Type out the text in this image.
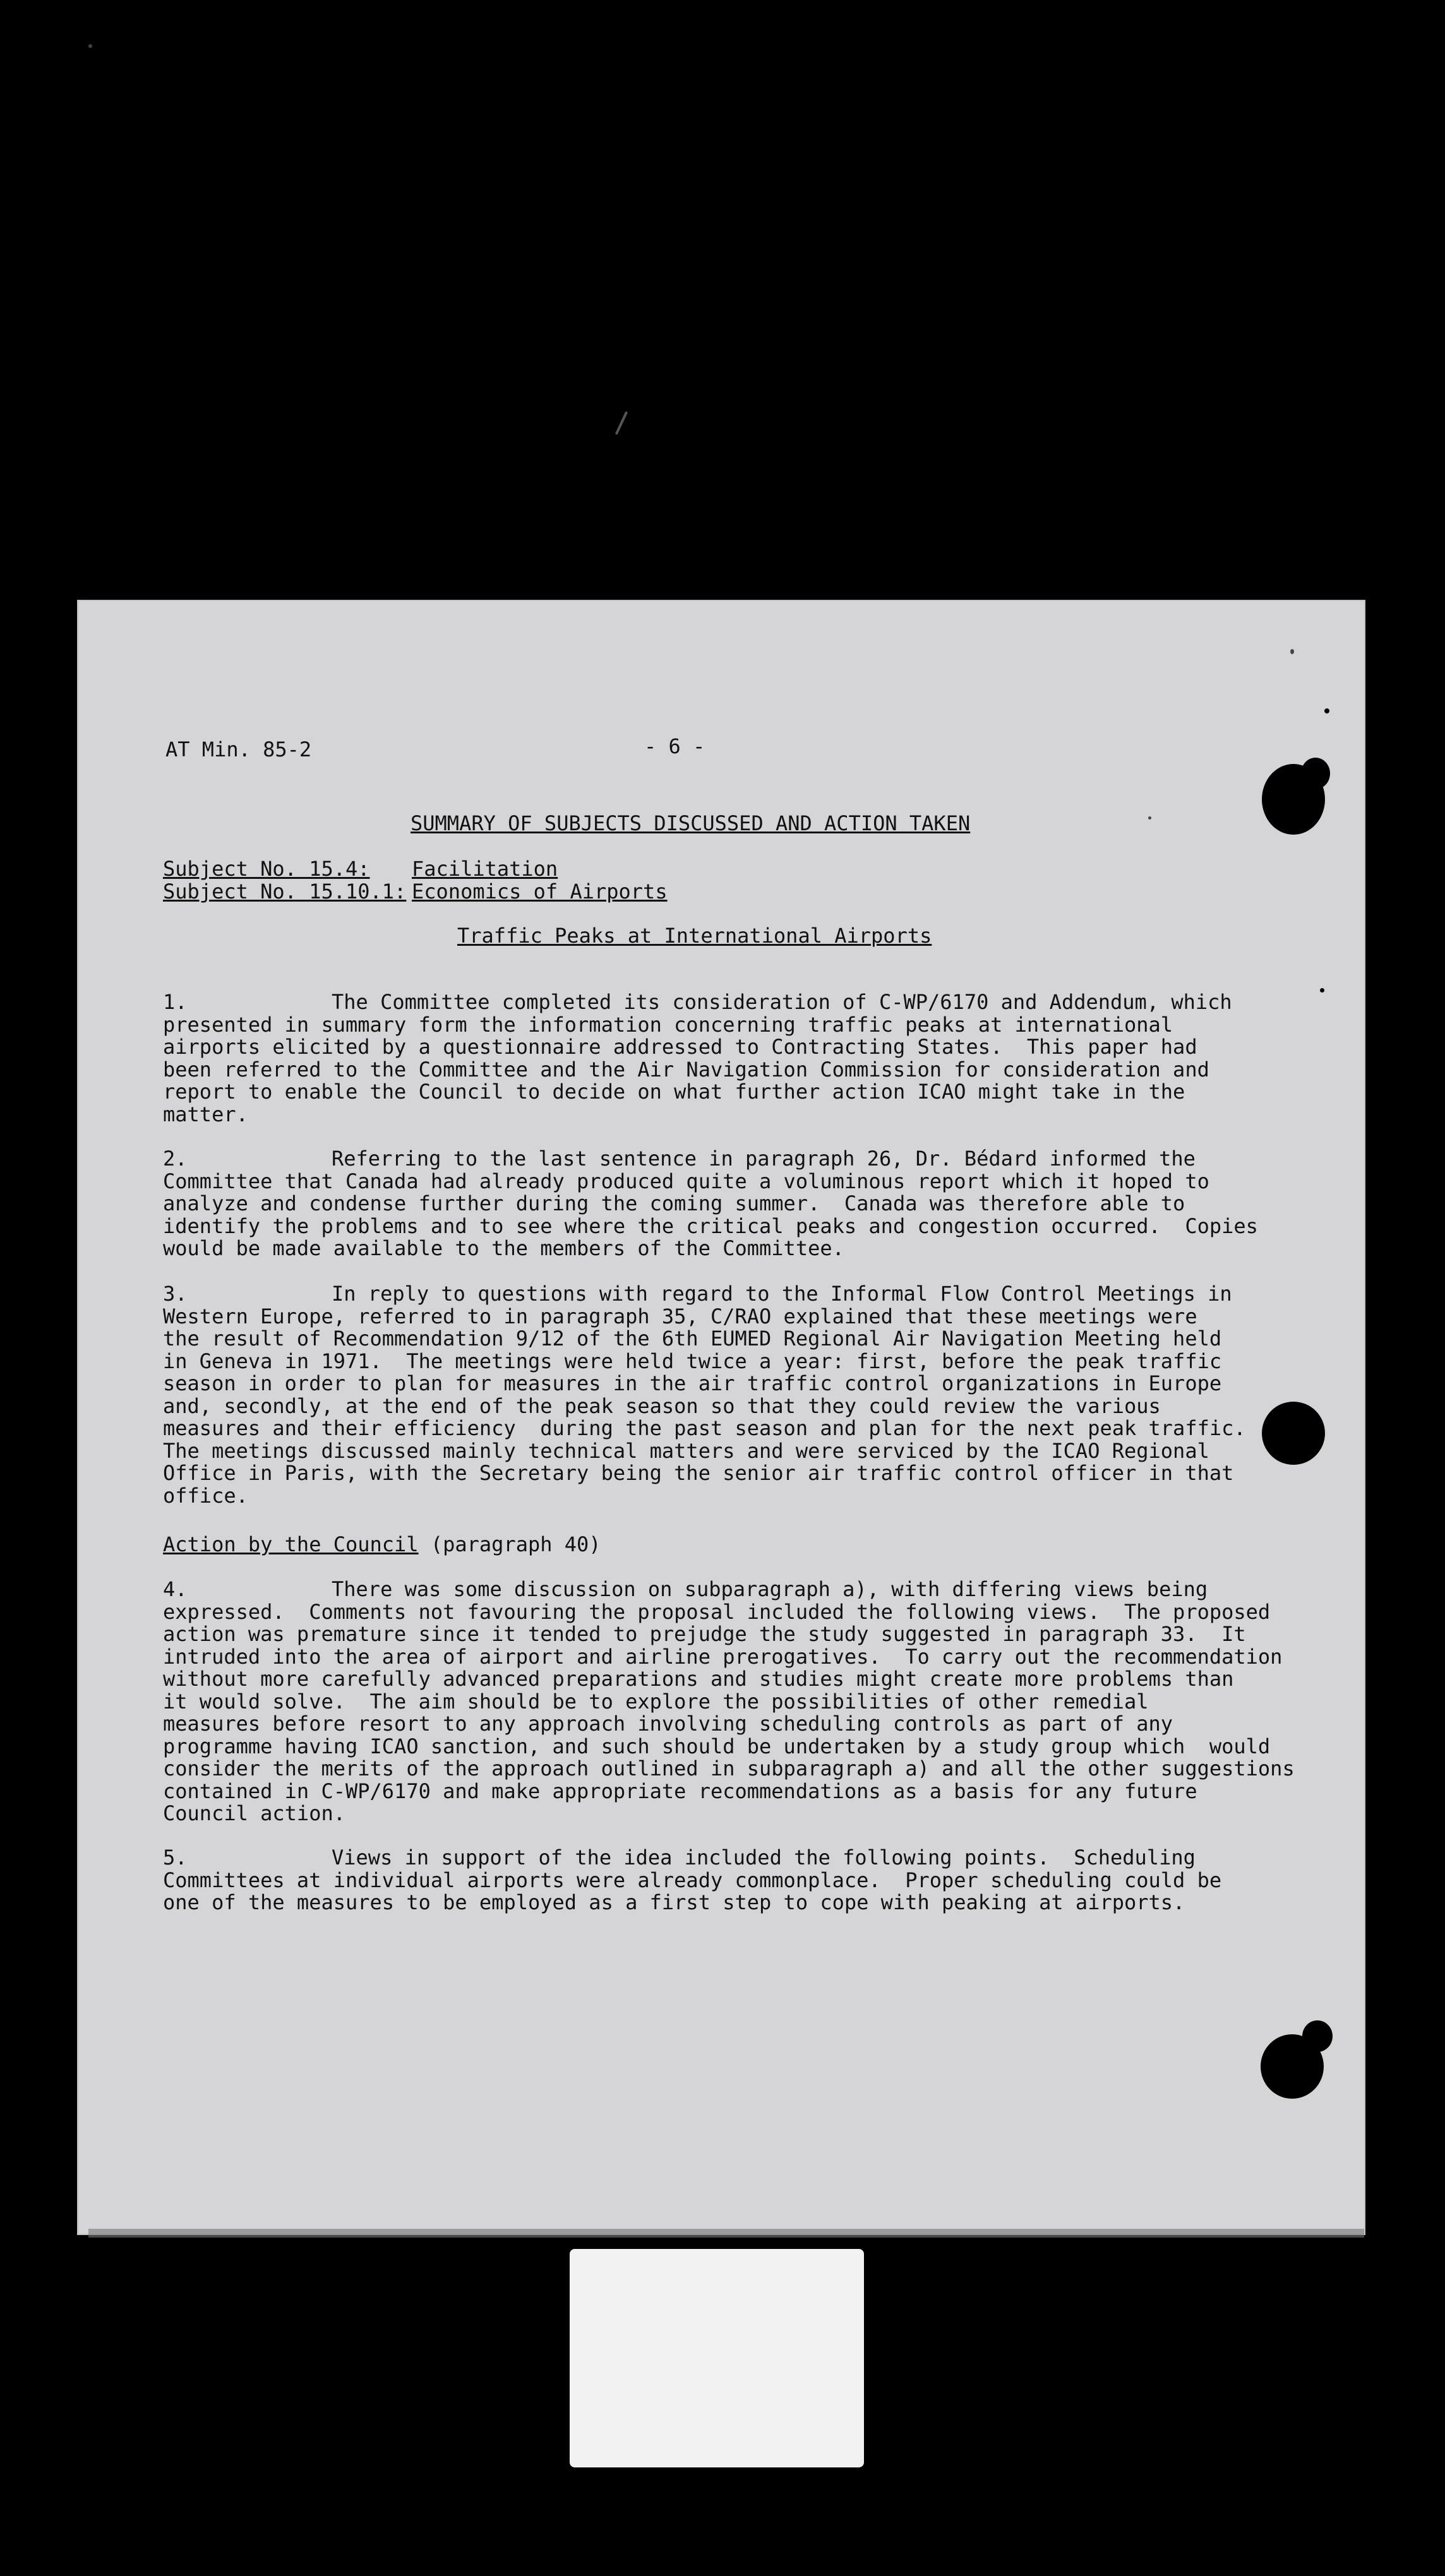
AT Min. 85-2	- 6 -
SUMMARY OF SUBJECTS DISCUSSED AND ACTION TAKEN
Subject No. 15.4: Facilitation
Subject No. 15.10.1: Economics of Airports
Traffic Peaks at International Airports
1.	The Committee completed its consideration of C-WP/6170 and Addendum, which
presented in summary form the information concerning traffic peaks at international
airports elicited by a questionnaire addressed to Contracting States.  This paper had
been referred to the Committee and the Air Navigation Commission for consideration and
report to enable the Council to decide on what further action ICAO might take in the
matter.
2.	Referring to the last sentence in paragraph 26, Dr. Bédard informed the
Committee that Canada had already produced quite a voluminous report which it hoped to
analyze and condense further during the coming summer.  Canada was therefore able to
identify the problems and to see where the critical peaks and congestion occurred.  Copies
would be made available to the members of the Committee.
3.	In reply to questions with regard to the Informal Flow Control Meetings in
Western Europe, referred to in paragraph 35, C/RAO explained that these meetings were
the result of Recommendation 9/12 of the 6th EUMED Regional Air Navigation Meeting held
in Geneva in 1971.  The meetings were held twice a year: first, before the peak traffic
season in order to plan for measures in the air traffic control organizations in Europe
and, secondly, at the end of the peak season so that they could review the various
measures and their efficiency  during the past season and plan for the next peak traffic.
The meetings discussed mainly technical matters and were serviced by the ICAO Regional
Office in Paris, with the Secretary being the senior air traffic control officer in that
office.
Action by the Council (paragraph 40)
4.	There was some discussion on subparagraph a), with differing views being
expressed.  Comments not favouring the proposal included the following views.  The proposed
action was premature since it tended to prejudge the study suggested in paragraph 33.  It
intruded into the area of airport and airline prerogatives.  To carry out the recommendation
without more carefully advanced preparations and studies might create more problems than
it would solve.  The aim should be to explore the possibilities of other remedial
measures before resort to any approach involving scheduling controls as part of any
programme having ICAO sanction, and such should be undertaken by a study group which  would
consider the merits of the approach outlined in subparagraph a) and all the other suggestions
contained in C-WP/6170 and make appropriate recommendations as a basis for any future
Council action.
5.	Views in support of the idea included the following points.  Scheduling
Committees at individual airports were already commonplace.  Proper scheduling could be
one of the measures to be employed as a first step to cope with peaking at airports.
